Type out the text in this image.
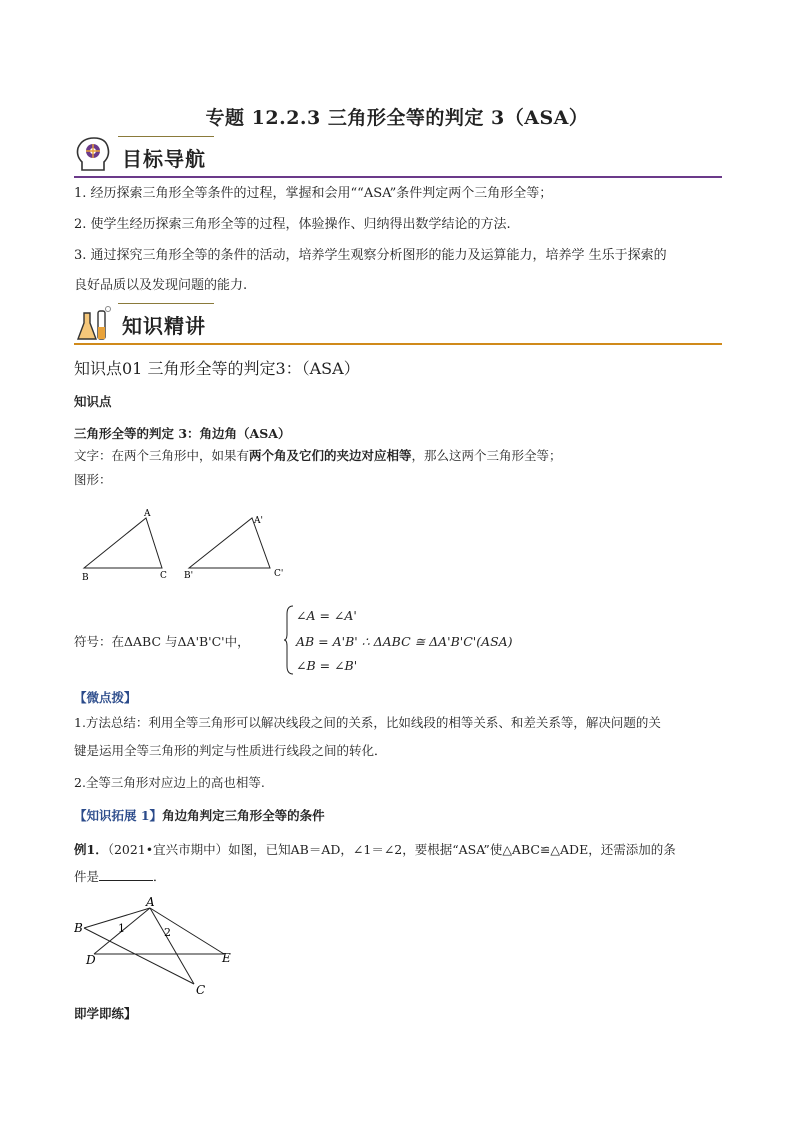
专题 12.2.3 三角形全等的判定 3（ASA）
目标导航
1. 经历探索三角形全等条件的过程，掌握和会用““ASA”条件判定两个三角形全等；
2. 使学生经历探索三角形全等的过程，体验操作、归纳得出数学结论的方法.
3. 通过探究三角形全等的条件的活动，培养学生观察分析图形的能力及运算能力，培养学 生乐于探索的
良好品质以及发现问题的能力.
知识精讲
知识点01 三角形全等的判定3：（ASA）
知识点
三角形全等的判定 3：角边角（ASA）
文字：在两个三角形中，如果有两个角及它们的夹边对应相等，那么这两个三角形全等；
图形：
A
B	C
A'
B'	C'
符号：在ΔABC 与ΔA'B'C'中，
∠A = ∠A'
AB = A'B' ∴ ΔABC ≅ ΔA'B'C'(ASA)
∠B = ∠B'
【微点拨】
1.方法总结：利用全等三角形可以解决线段之间的关系，比如线段的相等关系、和差关系等，解决问题的关
键是运用全等三角形的判定与性质进行线段之间的转化．
2.全等三角形对应边上的高也相等.
【知识拓展 1】角边角判定三角形全等的条件
例1．（2021•宜兴市期中）如图，已知AB＝AD，∠1＝∠2，要根据“ASA”使△ABC≌△ADE，还需添加的条
件是	．
A
B
C
D	E
1	2
即学即练】
